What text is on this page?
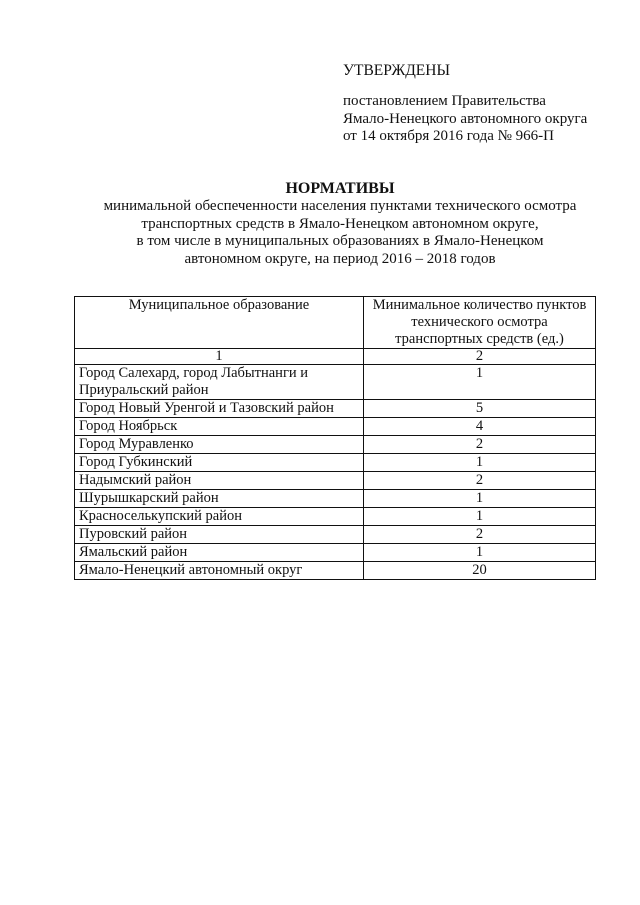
УТВЕРЖДЕНЫ
постановлением Правительства
Ямало-Ненецкого автономного округа
от 14 октября 2016 года № 966-П

НОРМАТИВЫ

минимальной обеспеченности населения пунктами технического осмотра
транспортных средств в Ямало-Ненецком автономном округе,
в том числе в муниципальных образованиях в Ямало-Ненецком
автономном округе, на период 2016 – 2018 годов

Муниципальное образование	Минимальное количество пунктов технического осмотра транспортных средств (ед.)
1	2
Город Салехард, город Лабытнанги и Приуральский район	1
Город Новый Уренгой и Тазовский район	5
Город Ноябрьск	4
Город Муравленко	2
Город Губкинский	1
Надымский район	2
Шурышкарский район	1
Красноселькупский район	1
Пуровский район	2
Ямальский район	1
Ямало-Ненецкий автономный округ	20
